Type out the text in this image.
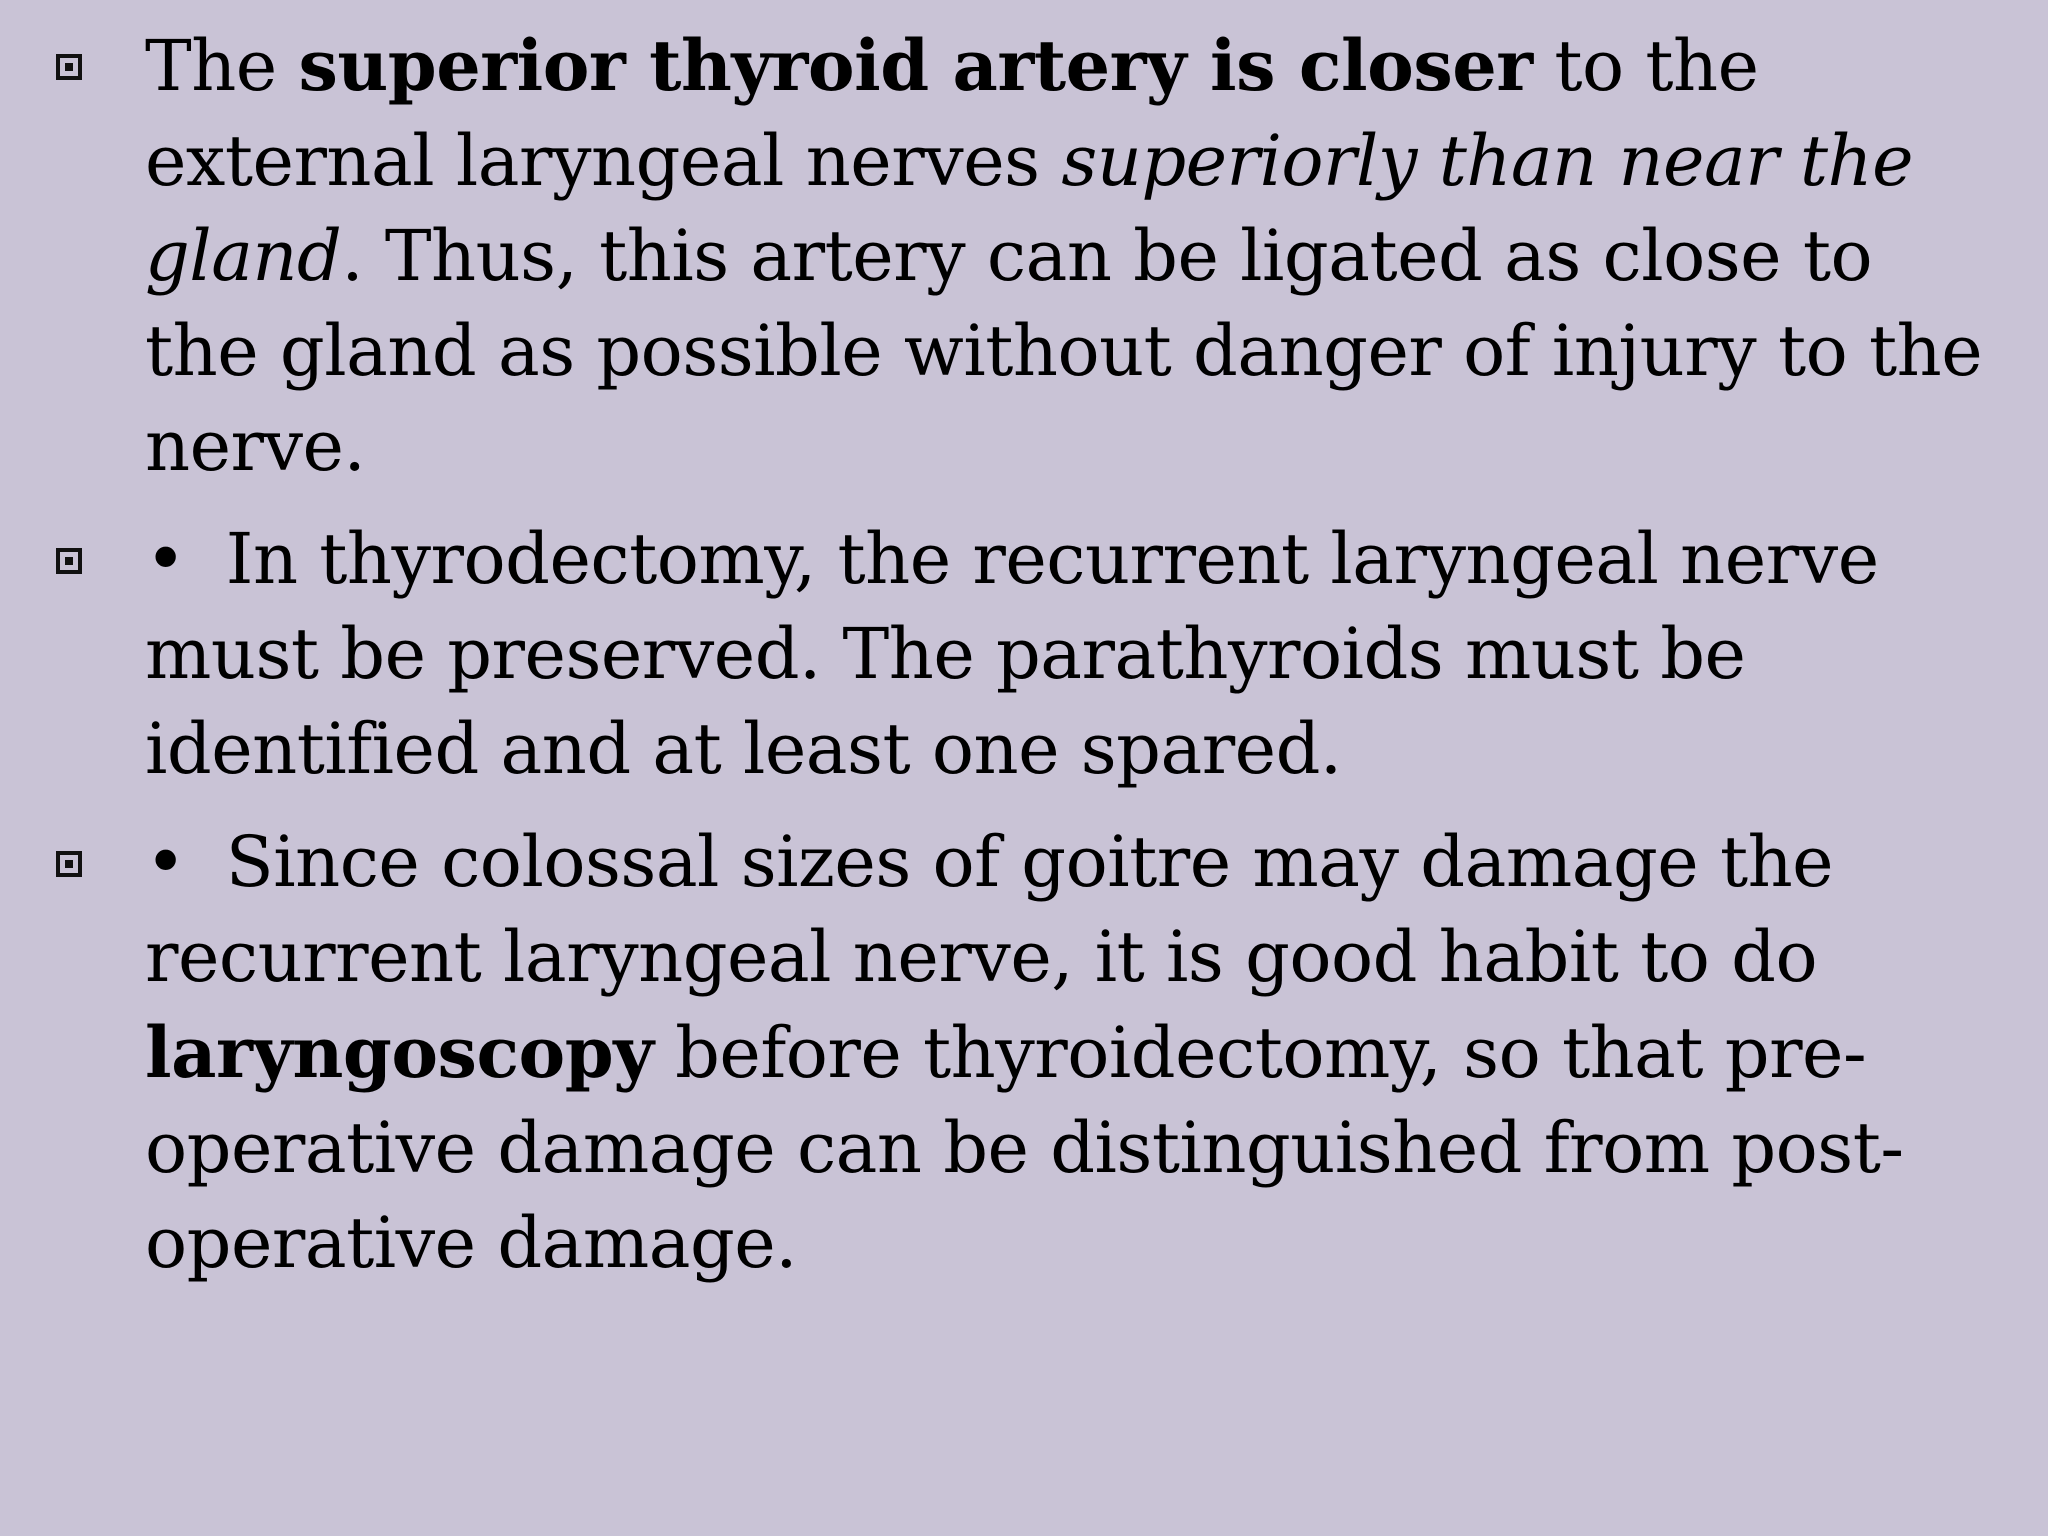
The superior thyroid artery is closer to the external laryngeal nerves superiorly than near the gland. Thus, this artery can be ligated as close to the gland as possible without danger of injury to the nerve.
• In thyrodectomy, the recurrent laryngeal nerve must be preserved. The parathyroids must be identified and at least one spared.
• Since colossal sizes of goitre may damage the recurrent laryngeal nerve, it is good habit to do laryngoscopy before thyroidectomy, so that pre-operative damage can be distinguished from post-operative damage.
